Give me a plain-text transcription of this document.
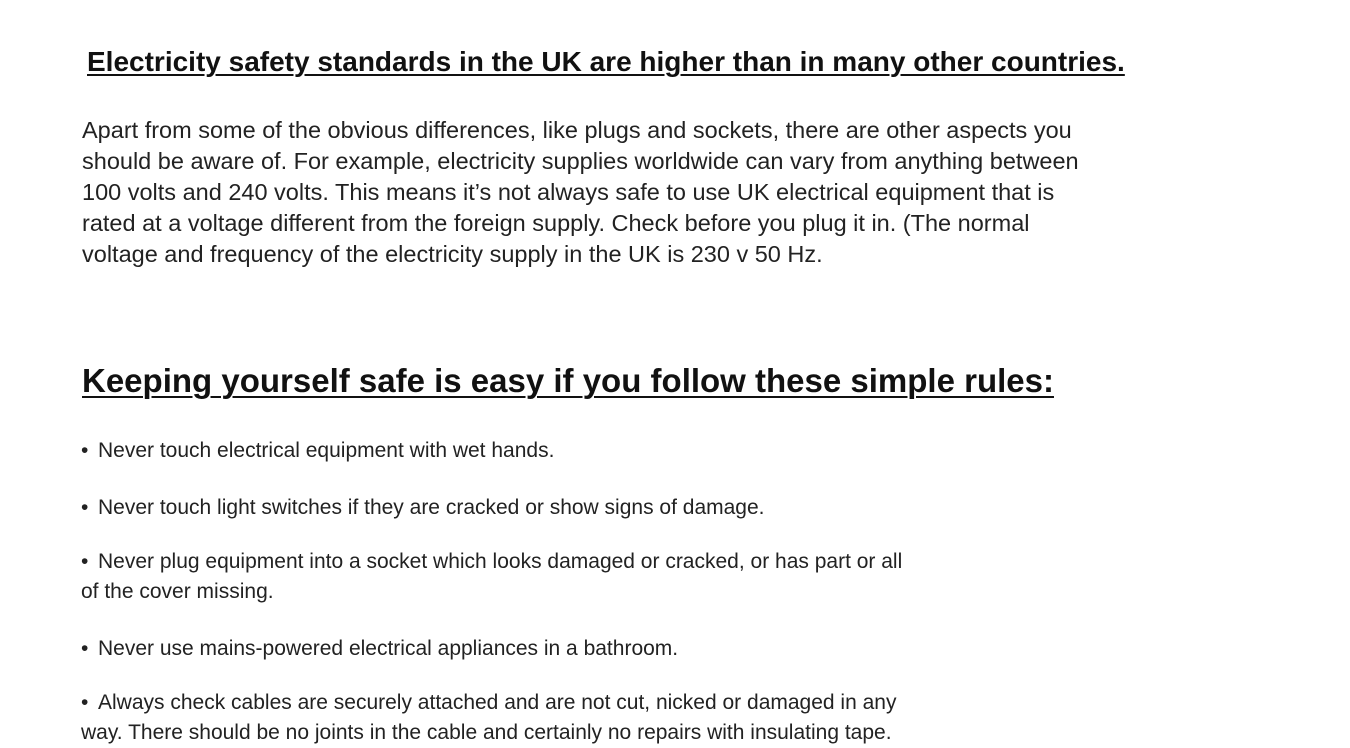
Electricity safety standards in the UK are higher than in many other countries.

Apart from some of the obvious differences, like plugs and sockets, there are other aspects you
should be aware of. For example, electricity supplies worldwide can vary from anything between
100 volts and 240 volts. This means it’s not always safe to use UK electrical equipment that is
rated at a voltage different from the foreign supply. Check before you plug it in. (The normal
voltage and frequency of the electricity supply in the UK is 230 v 50 Hz.

Keeping yourself safe is easy if you follow these simple rules:
• Never touch electrical equipment with wet hands.
• Never touch light switches if they are cracked or show signs of damage.
• Never plug equipment into a socket which looks damaged or cracked, or has part or all
of the cover missing.
• Never use mains-powered electrical appliances in a bathroom.
• Always check cables are securely attached and are not cut, nicked or damaged in any
way. There should be no joints in the cable and certainly no repairs with insulating tape.
